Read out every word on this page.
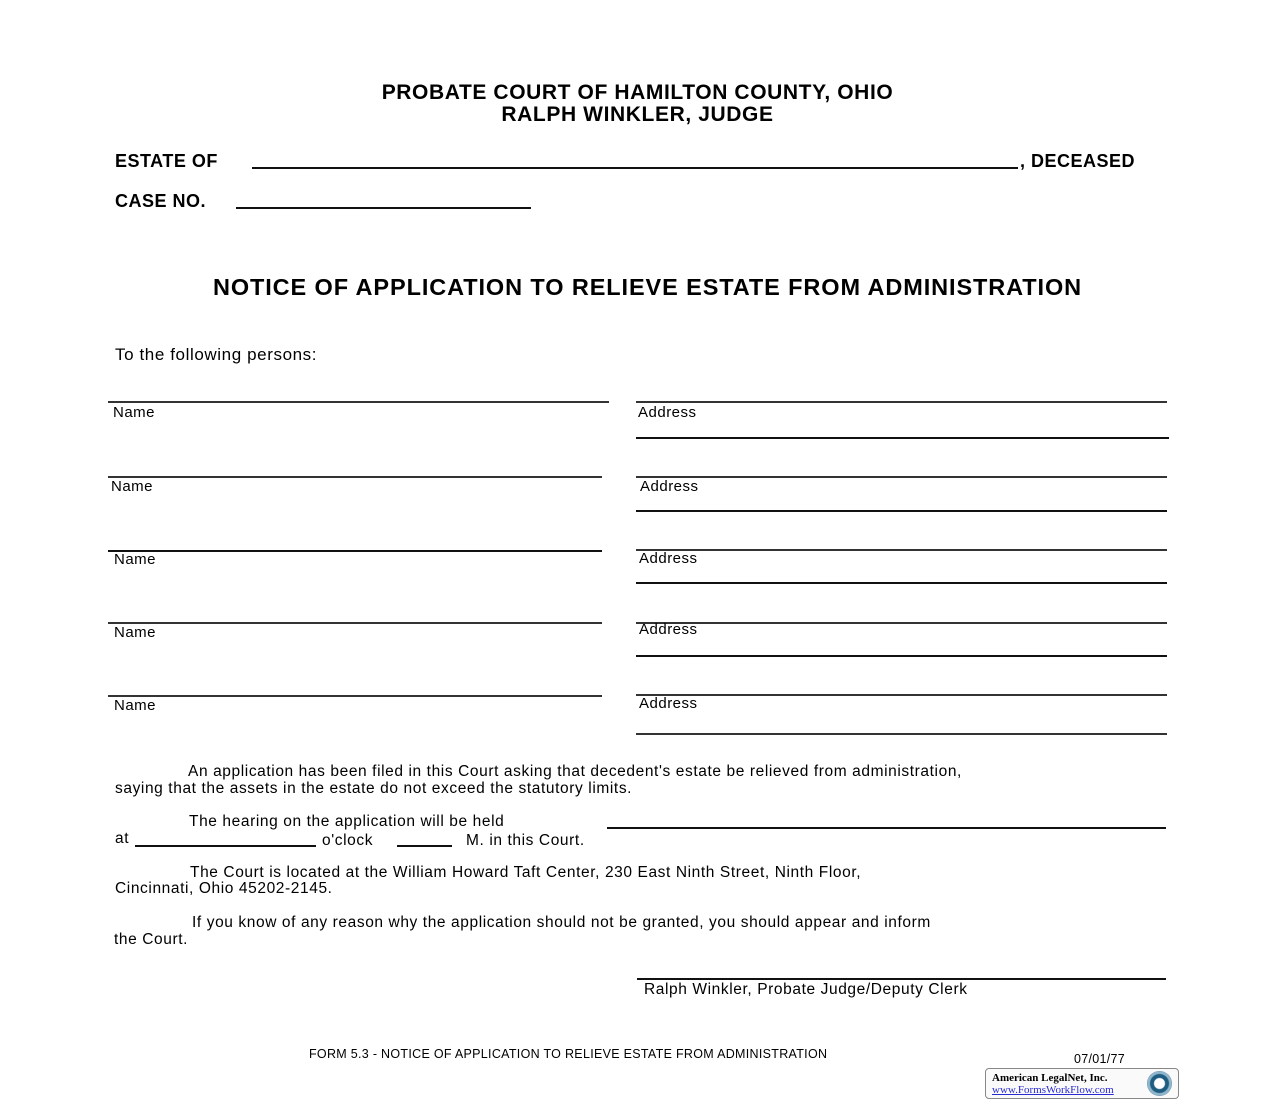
PROBATE COURT OF HAMILTON COUNTY, OHIO
RALPH WINKLER, JUDGE
ESTATE OF	, DECEASED
CASE NO.
NOTICE OF APPLICATION TO RELIEVE ESTATE FROM ADMINISTRATION
To the following persons:
Name	Address
Name	Address
Name	Address
Name	Address
Name	Address
An application has been filed in this Court asking that decedent's estate be relieved from administration,
saying that the assets in the estate do not exceed the statutory limits.
The hearing on the application will be held
at	o'clock	M. in this Court.
The Court is located at the William Howard Taft Center, 230 East Ninth Street, Ninth Floor,
Cincinnati, Ohio 45202-2145.
If you know of any reason why the application should not be granted, you should appear and inform
the Court.
Ralph Winkler, Probate Judge/Deputy Clerk
FORM 5.3 - NOTICE OF APPLICATION TO RELIEVE ESTATE FROM ADMINISTRATION	07/01/77
American LegalNet, Inc.
www.FormsWorkFlow.com
